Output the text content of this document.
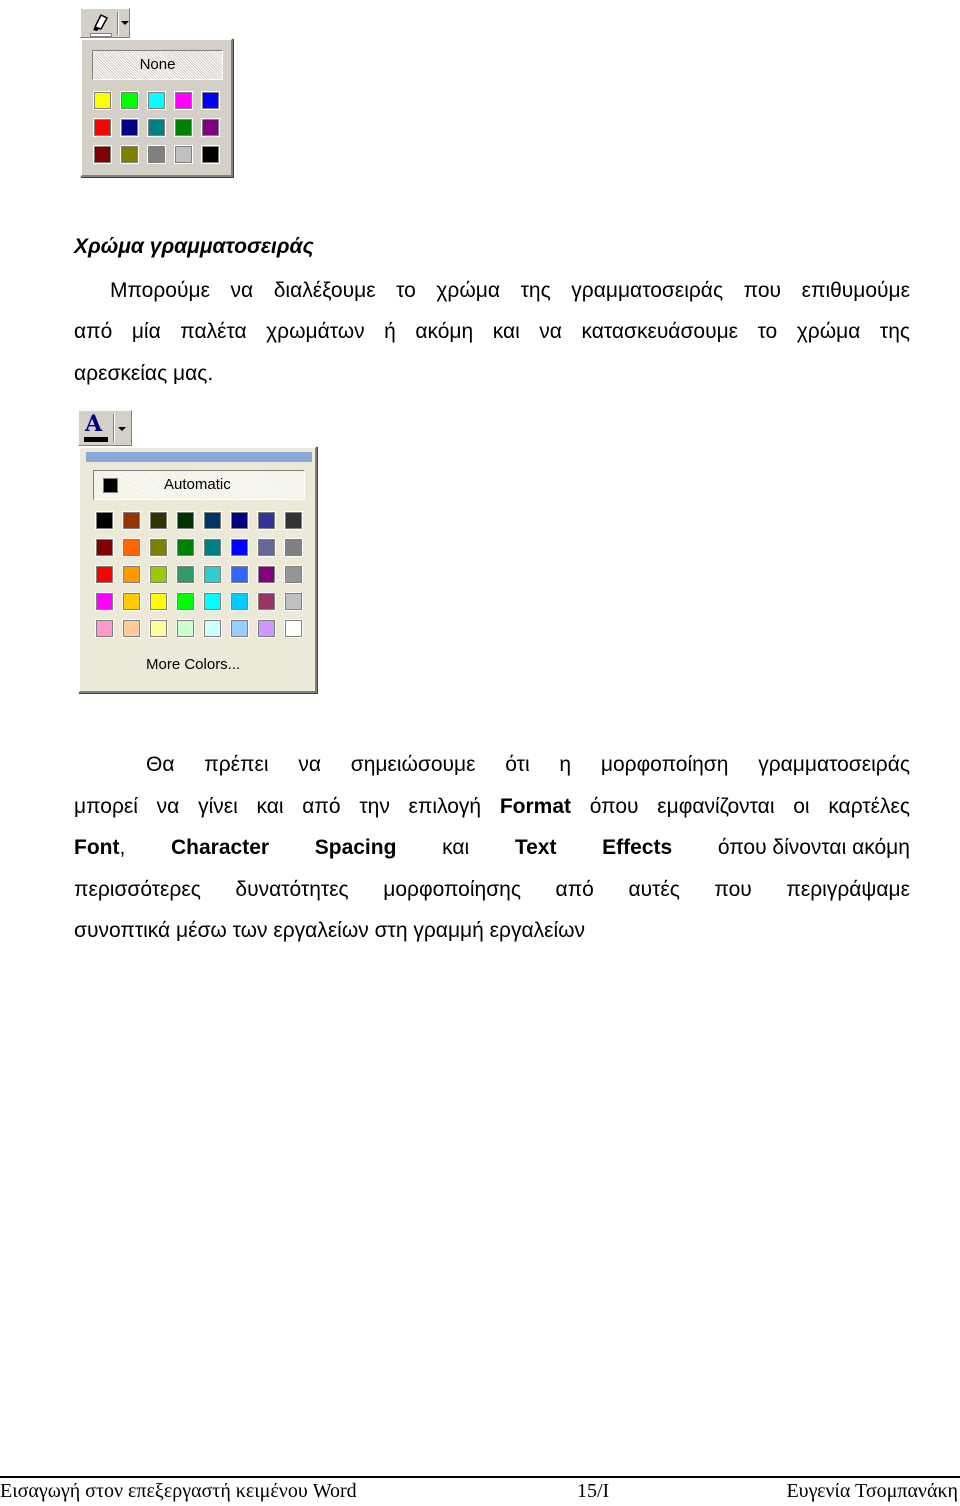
None
Χρώμα γραμματοσειράς
Μπορούμε να διαλέξουμε το χρώμα της γραμματοσειράς που επιθυμούμε
από μία παλέτα χρωμάτων ή ακόμη και να κατασκευάσουμε το χρώμα της
αρεσκείας μας.
A
Automatic
More Colors...
Θα πρέπει να σημειώσουμε ότι η μορφοποίηση γραμματοσειράς
μπορεί να γίνει και από την επιλογή Format όπου εμφανίζονται οι καρτέλες
Font, Character Spacing και Text Effects όπου δίνονται ακόμη
περισσότερες δυνατότητες μορφοποίησης από αυτές που περιγράψαμε
συνοπτικά μέσω των εργαλείων στη γραμμή εργαλείων
Εισαγωγή στον επεξεργαστή κειμένου Word	15/Ι	Ευγενία Τσομπανάκη
